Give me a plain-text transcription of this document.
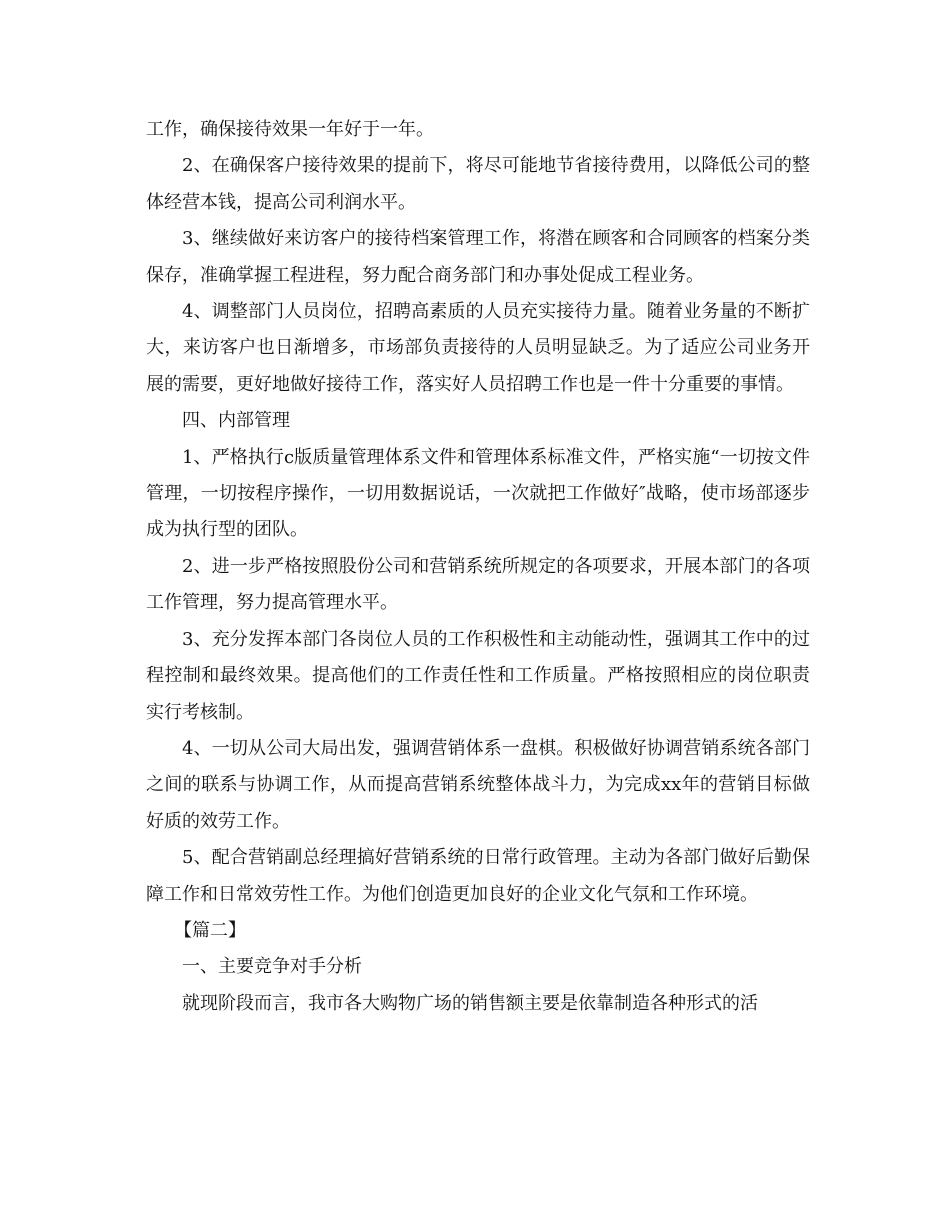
工作，确保接待效果一年好于一年。

2、在确保客户接待效果的提前下，将尽可能地节省接待费用，以降低公司的整体经营本钱，提高公司利润水平。

3、继续做好来访客户的接待档案管理工作，将潜在顾客和合同顾客的档案分类保存，准确掌握工程进程，努力配合商务部门和办事处促成工程业务。

4、调整部门人员岗位，招聘高素质的人员充实接待力量。随着业务量的不断扩大，来访客户也日渐增多，市场部负责接待的人员明显缺乏。为了适应公司业务开展的需要，更好地做好接待工作，落实好人员招聘工作也是一件十分重要的事情。

四、内部管理

1、严格执行c版质量管理体系文件和管理体系标准文件，严格实施“一切按文件管理，一切按程序操作，一切用数据说话，一次就把工作做好″战略，使市场部逐步成为执行型的团队。

2、进一步严格按照股份公司和营销系统所规定的各项要求，开展本部门的各项工作管理，努力提高管理水平。

3、充分发挥本部门各岗位人员的工作积极性和主动能动性，强调其工作中的过程控制和最终效果。提高他们的工作责任性和工作质量。严格按照相应的岗位职责实行考核制。

4、一切从公司大局出发，强调营销体系一盘棋。积极做好协调营销系统各部门之间的联系与协调工作，从而提高营销系统整体战斗力，为完成xx年的营销目标做好质的效劳工作。

5、配合营销副总经理搞好营销系统的日常行政管理。主动为各部门做好后勤保障工作和日常效劳性工作。为他们创造更加良好的企业文化气氛和工作环境。

【篇二】

一、主要竞争对手分析

就现阶段而言，我市各大购物广场的销售额主要是依靠制造各种形式的活
